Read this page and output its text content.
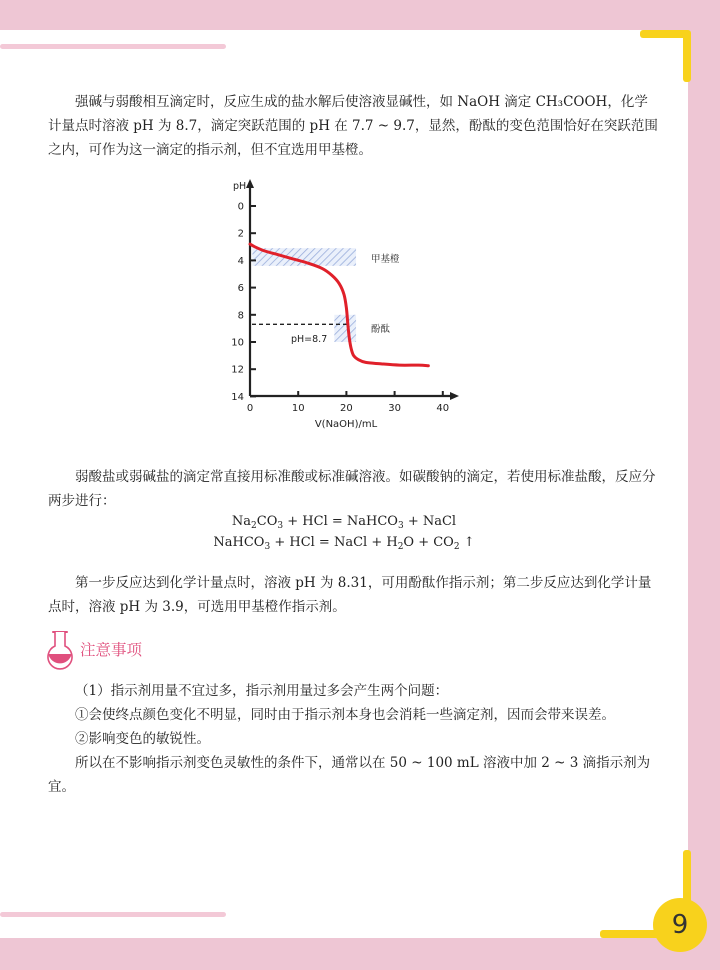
9

强碱与弱酸相互滴定时，反应生成的盐水解后使溶液显碱性，如 NaOH 滴定 CH₃COOH，化学计量点时溶液 pH 为 8.7，滴定突跃范围的 pH 在 7.7 ~ 9.7，显然，酚酞的变色范围恰好在突跃范围之内，可作为这一滴定的指示剂，但不宜选用甲基橙。

0
2
4
6
8
10
12
14
0	10	20	30	40
pH
V(NaOH)/mL
甲基橙
酚酞
pH=8.7

弱酸盐或弱碱盐的滴定常直接用标准酸或标准碱溶液。如碳酸钠的滴定，若使用标准盐酸，反应分两步进行：

$Na_2CO_3$ + HCl = NaHCO$_3$ + NaCl
NaHCO$_3$ + HCl = NaCl + $H_2O + CO_2$ ↑

第一步反应达到化学计量点时，溶液 pH 为 8.31，可用酚酞作指示剂；第二步反应达到化学计量点时，溶液 pH 为 3.9，可选用甲基橙作指示剂。

注意事项

（1）指示剂用量不宜过多，指示剂用量过多会产生两个问题：

①会使终点颜色变化不明显，同时由于指示剂本身也会消耗一些滴定剂，因而会带来误差。

②影响变色的敏锐性。

所以在不影响指示剂变色灵敏性的条件下，通常以在 50 ~ 100 mL 溶液中加 2 ~ 3 滴指示剂为宜。
